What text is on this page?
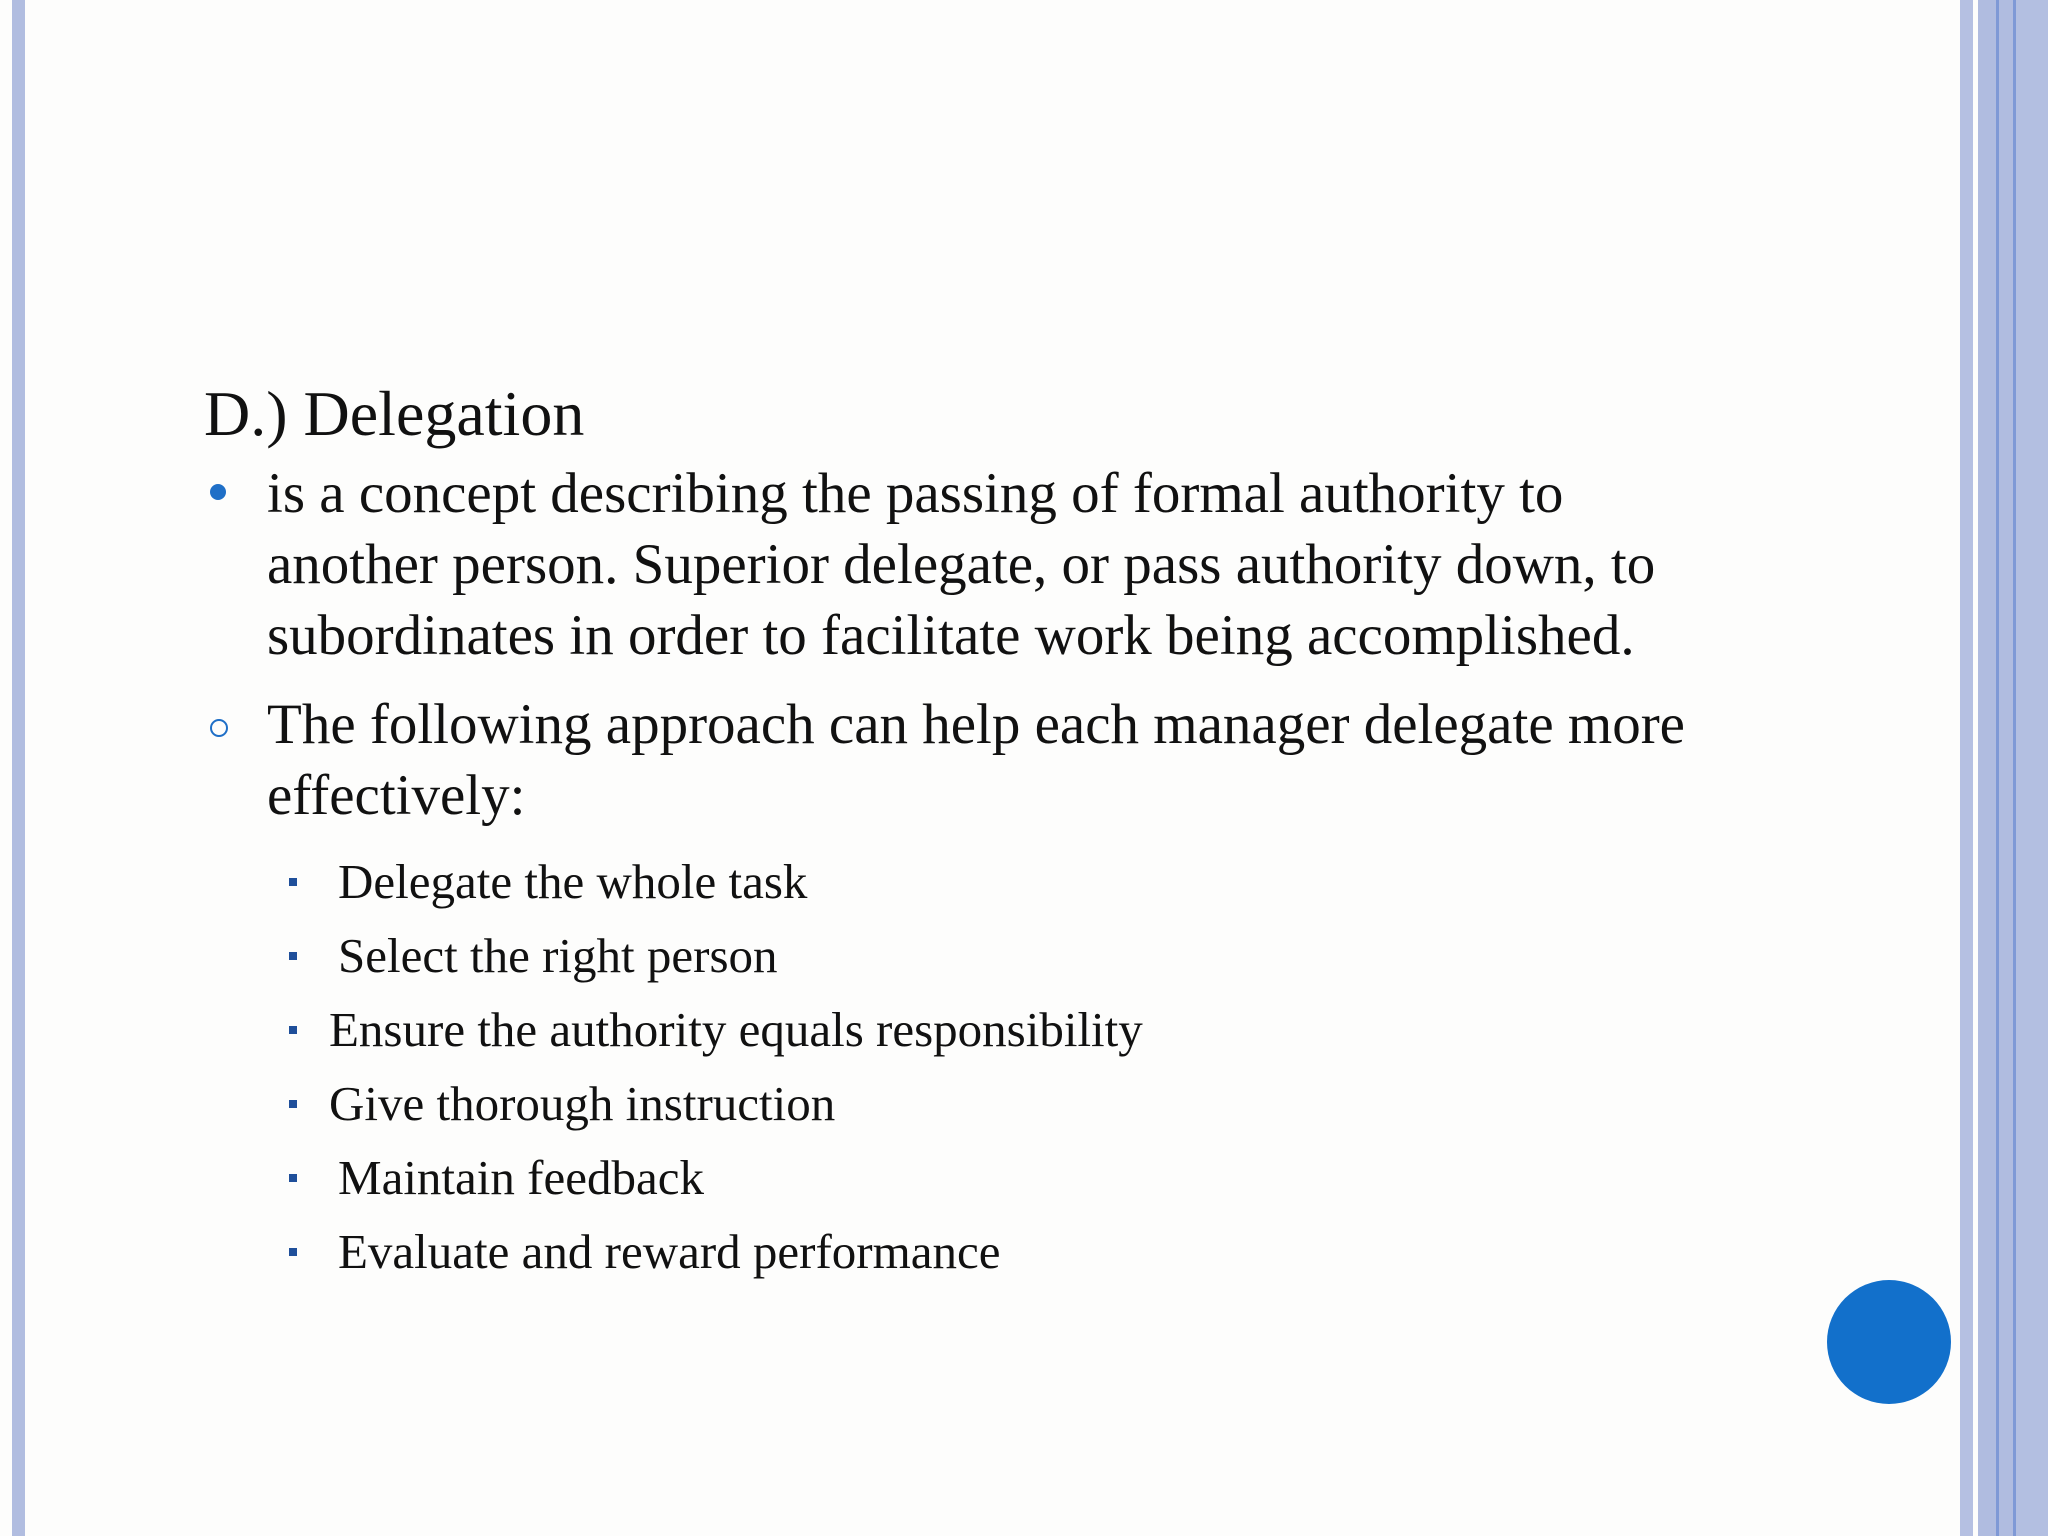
D.) Delegation
is a concept describing the passing of formal authority to another person. Superior delegate, or pass authority down, to subordinates in order to facilitate work being accomplished.
The following approach can help each manager delegate more effectively:
Delegate the whole task
Select the right person
Ensure the authority equals responsibility
Give thorough instruction
Maintain feedback
Evaluate and reward performance
